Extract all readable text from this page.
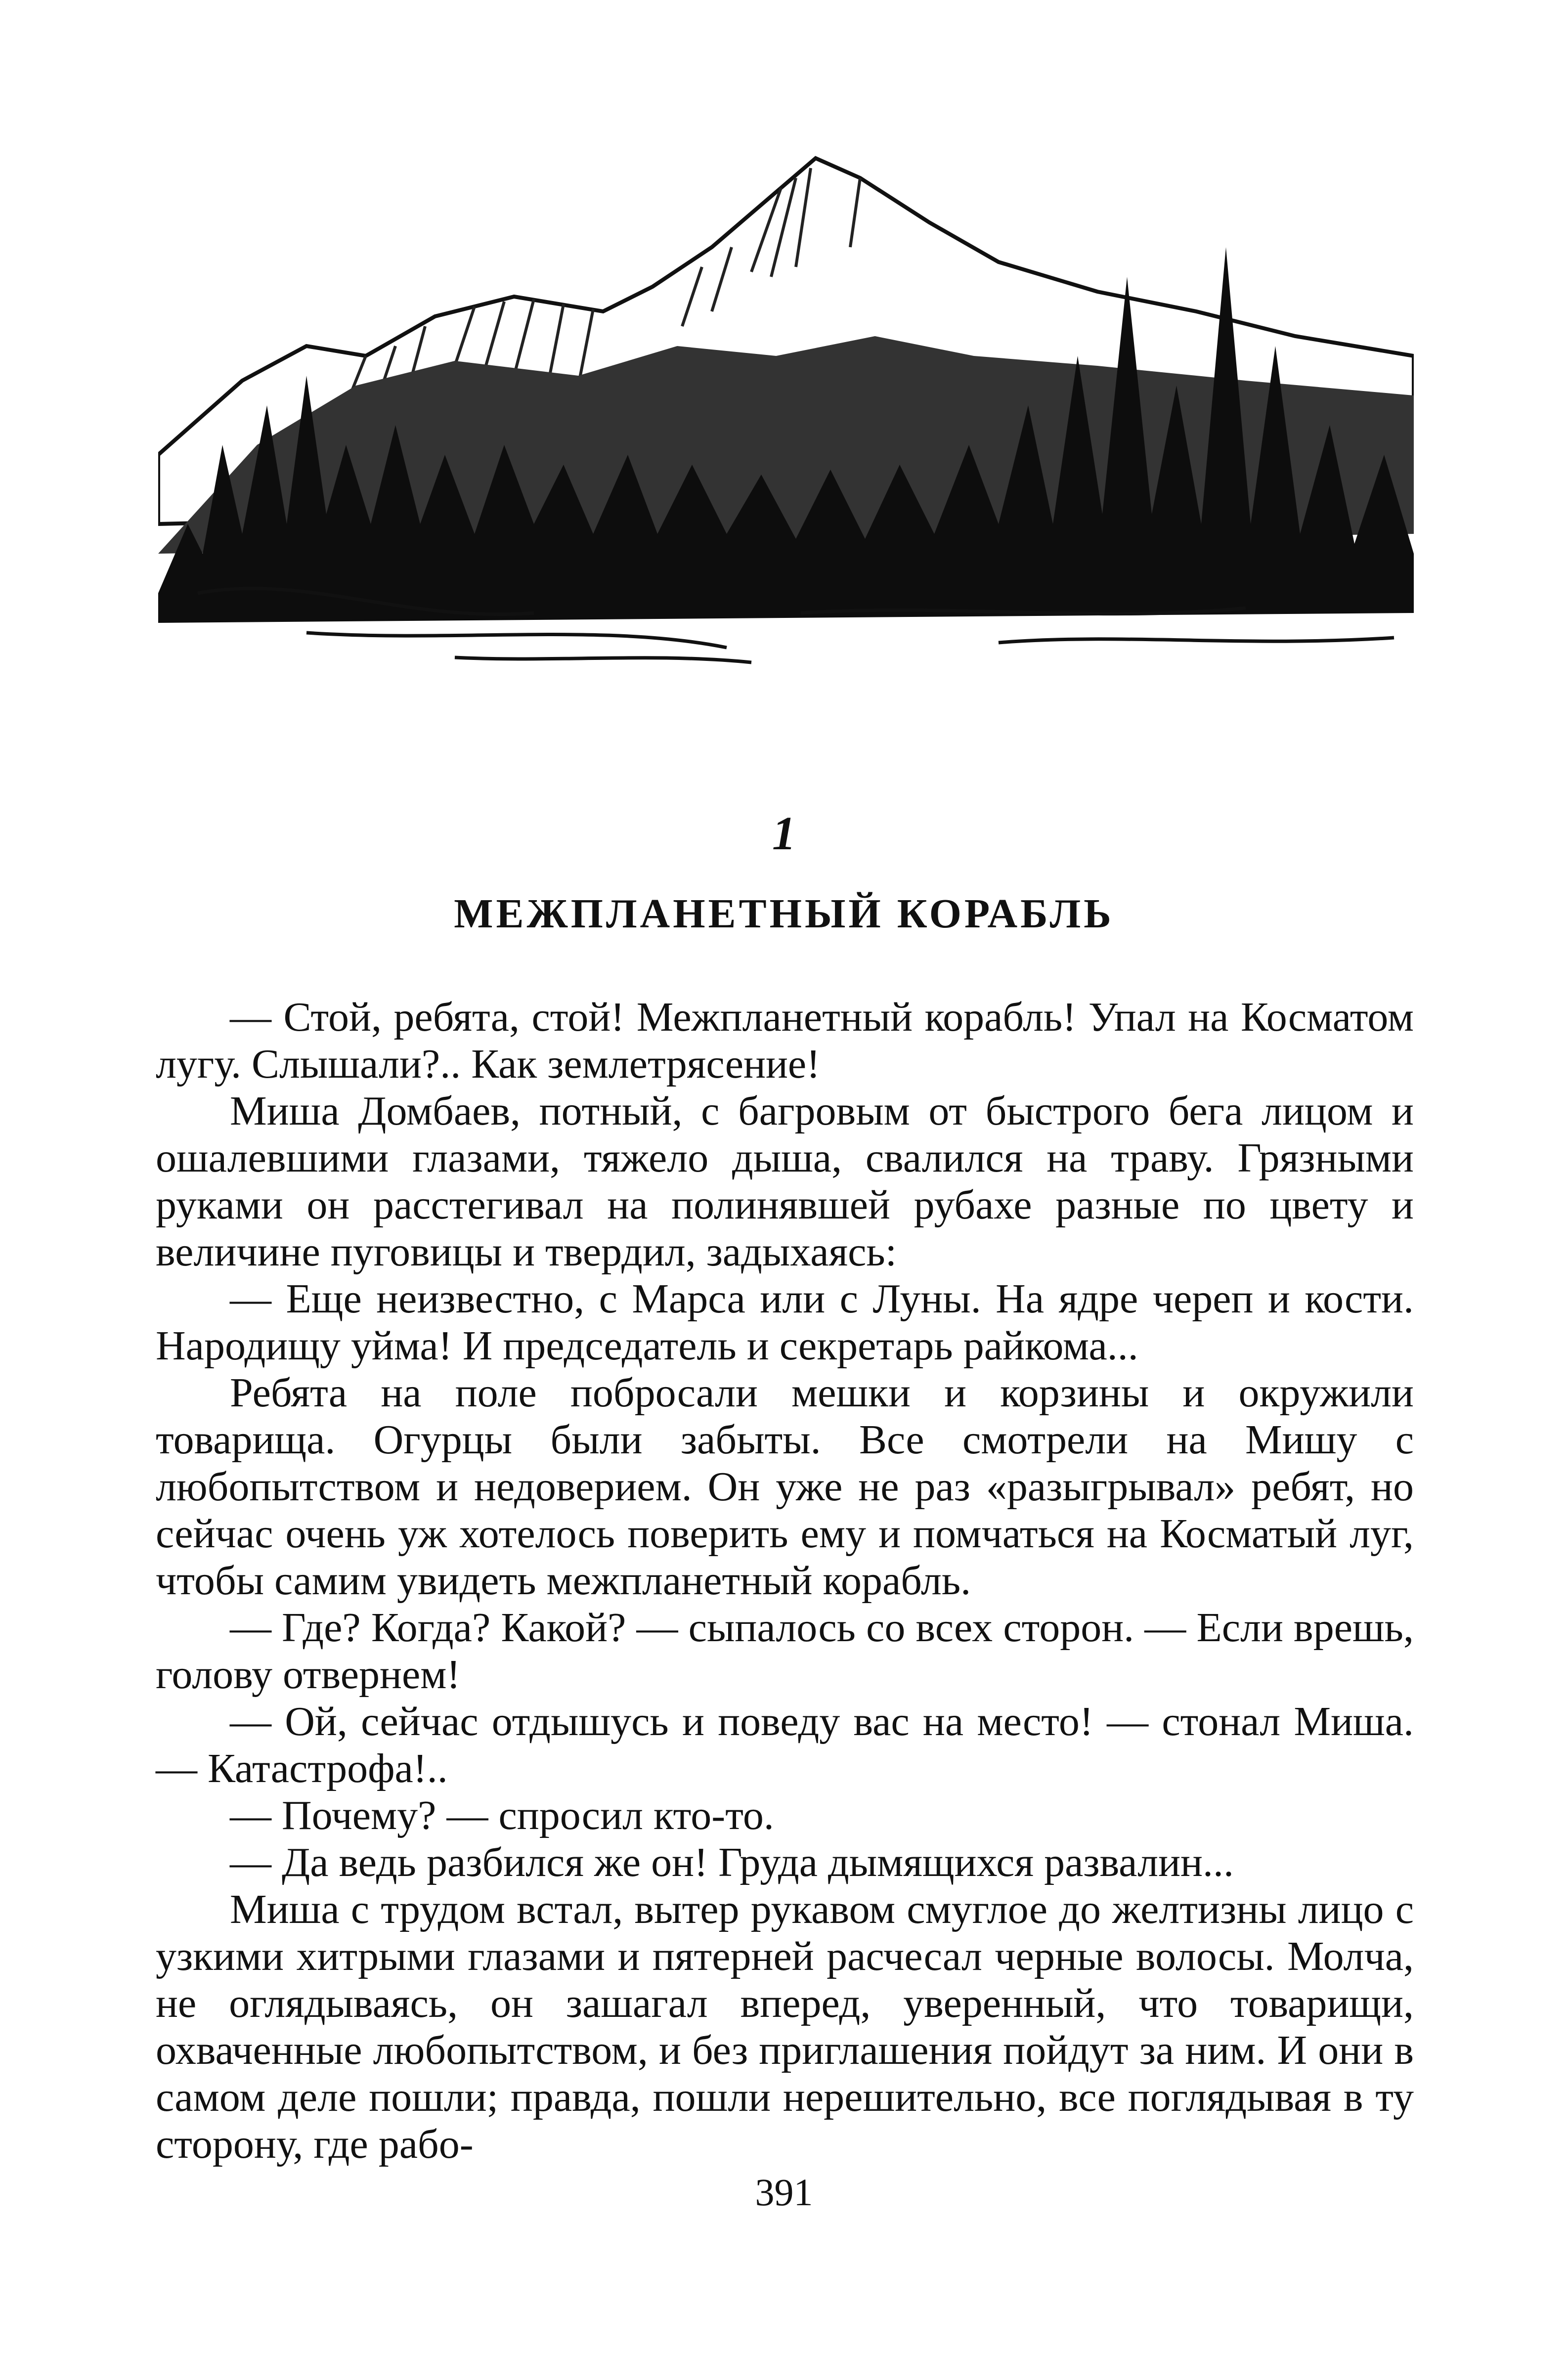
1
МЕЖПЛАНЕТНЫЙ КОРАБЛЬ

— Стой, ребята, стой! Межпланетный корабль! Упал на Косматом лугу. Слышали?.. Как землетрясение!

Миша Домбаев, потный, с багровым от быстрого бега лицом и ошалевшими глазами, тяжело дыша, свалился на траву. Грязными руками он расстегивал на полинявшей рубахе разные по цвету и величине пуговицы и твердил, задыхаясь:

— Еще неизвестно, с Марса или с Луны. На ядре череп и кости. Народищу уйма! И председатель и секретарь райкома...

Ребята на поле побросали мешки и корзины и окружили товарища. Огурцы были забыты. Все смотрели на Мишу с любопытством и недоверием. Он уже не раз «разыгрывал» ребят, но сейчас очень уж хотелось поверить ему и помчаться на Косматый луг, чтобы самим увидеть межпланетный корабль.

— Где? Когда? Какой? — сыпалось со всех сторон. — Если врешь, голову отвернем!

— Ой, сейчас отдышусь и поведу вас на место! — стонал Миша. — Катастрофа!..

— Почему? — спросил кто-то.

— Да ведь разбился же он! Груда дымящихся развалин...

Миша с трудом встал, вытер рукавом смуглое до желтизны лицо с узкими хитрыми глазами и пятерней расчесал черные волосы. Молча, не оглядываясь, он зашагал вперед, уверенный, что товарищи, охваченные любопытством, и без приглашения пойдут за ним. И они в самом деле пошли; правда, пошли нерешительно, все поглядывая в ту сторону, где рабо-

391
